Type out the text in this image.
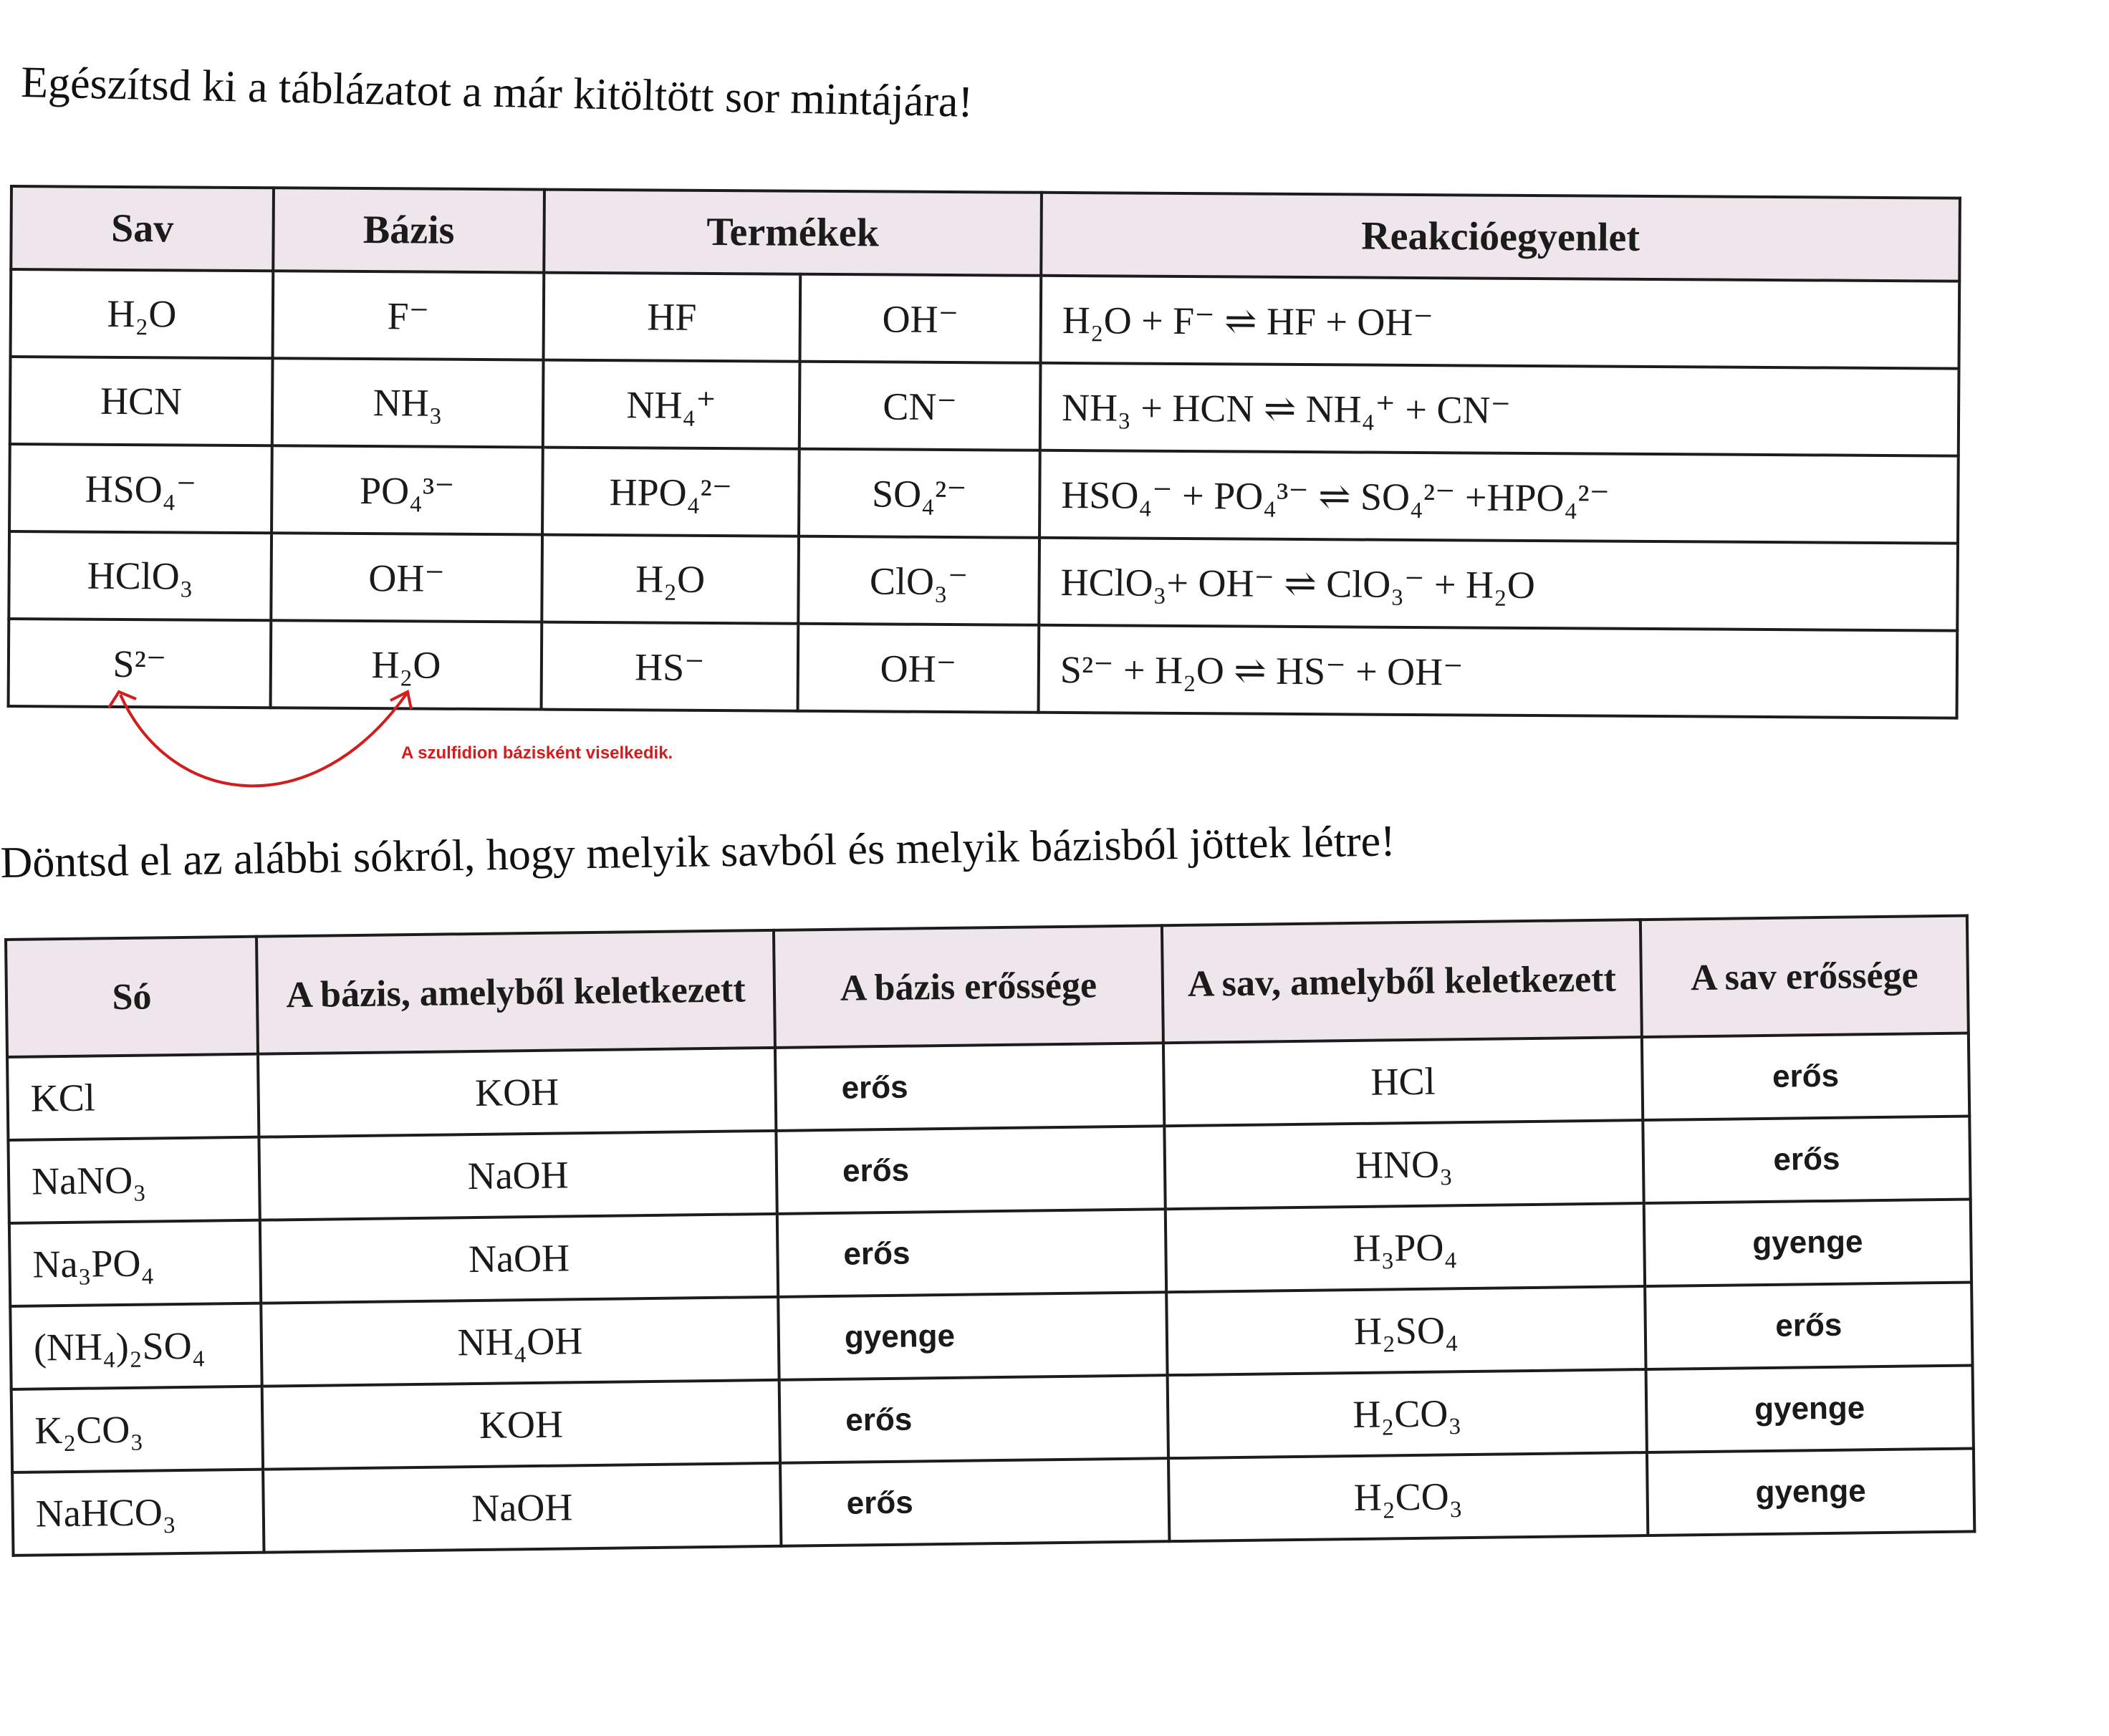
Egészítsd ki a táblázatot a már kitöltött sor mintájára!
Sav	Bázis	Termékek		Reakcióegyenlet
H₂O	F⁻	HF	OH⁻	H₂O + F⁻ ⇌ HF + OH⁻
HCN	NH₃	NH₄⁺	CN⁻	NH₃ + HCN ⇌ NH₄⁺ + CN⁻
HSO₄⁻	PO₄³⁻	HPO₄²⁻	SO₄²⁻	HSO₄⁻ + PO₄³⁻ ⇌ SO₄²⁻ +HPO₄²⁻
HClO₃	OH⁻	H₂O	ClO₃⁻	HClO₃+ OH⁻ ⇌ ClO₃⁻ + H₂O
S²⁻	H₂O	HS⁻	OH⁻	S²⁻ + H₂O ⇌ HS⁻ + OH⁻
A szulfidion bázisként viselkedik.
Döntsd el az alábbi sókról, hogy melyik savból és melyik bázisból jöttek létre!
Só	A bázis, amelyből keletkezett	A bázis erőssége	A sav, amelyből keletkezett	A sav erőssége
KCl	KOH	erős	HCl	erős
NaNO₃	NaOH	erős	HNO₃	erős
Na₃PO₄	NaOH	erős	H₃PO₄	gyenge
(NH₄)₂SO₄	NH₄OH	gyenge	H₂SO₄	erős
K₂CO₃	KOH	erős	H₂CO₃	gyenge
NaHCO₃	NaOH	erős	H₂CO₃	gyenge
